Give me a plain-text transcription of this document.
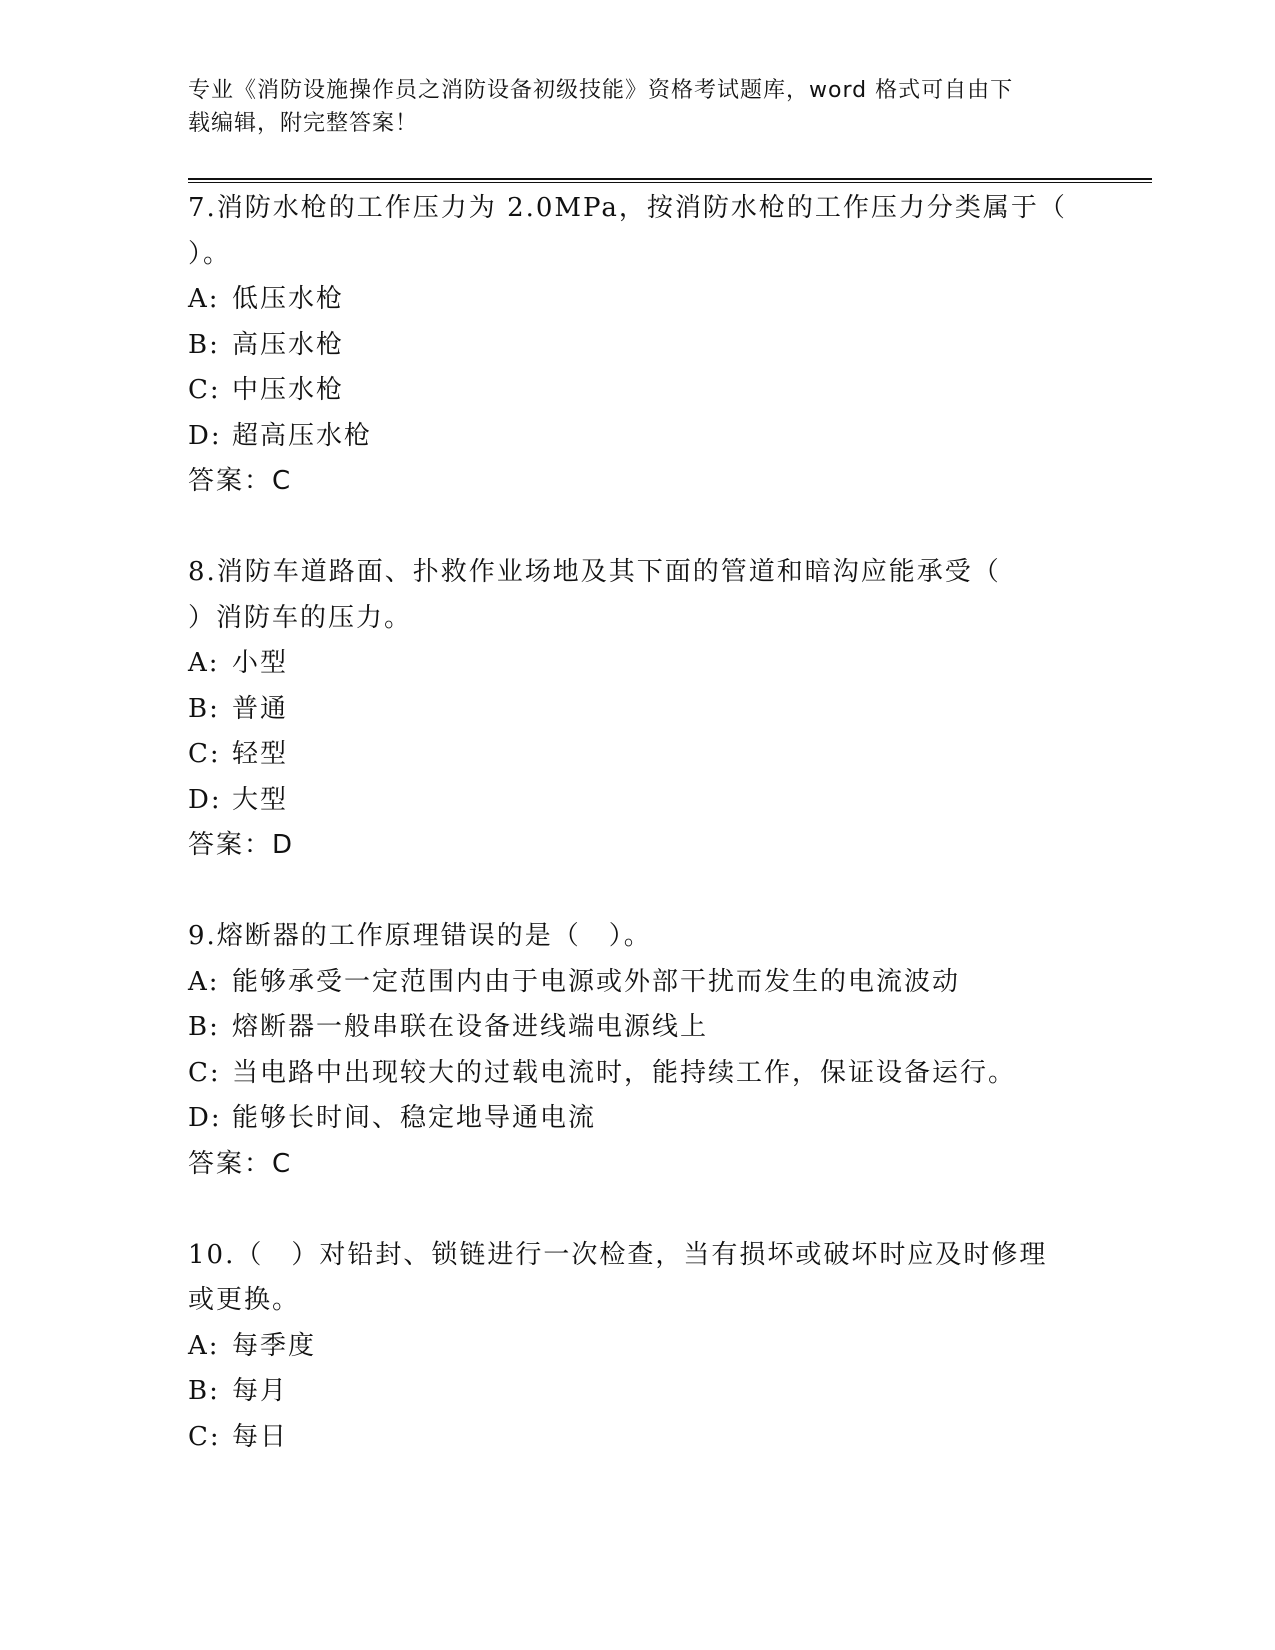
专业《消防设施操作员之消防设备初级技能》资格考试题库，word 格式可自由下
载编辑，附完整答案！

7.消防水枪的工作压力为 2.0MPa，按消防水枪的工作压力分类属于（

）。

A: 低压水枪

B: 高压水枪

C: 中压水枪

D: 超高压水枪

答案：C

8.消防车道路面、扑救作业场地及其下面的管道和暗沟应能承受（

）消防车的压力。

A: 小型

B: 普通

C: 轻型

D: 大型

答案：D

9.熔断器的工作原理错误的是（　）。

A: 能够承受一定范围内由于电源或外部干扰而发生的电流波动

B: 熔断器一般串联在设备进线端电源线上

C: 当电路中出现较大的过载电流时，能持续工作，保证设备运行。

D: 能够长时间、稳定地导通电流

答案：C

10.（　）对铅封、锁链进行一次检查，当有损坏或破坏时应及时修理

或更换。

A: 每季度

B: 每月

C: 每日
